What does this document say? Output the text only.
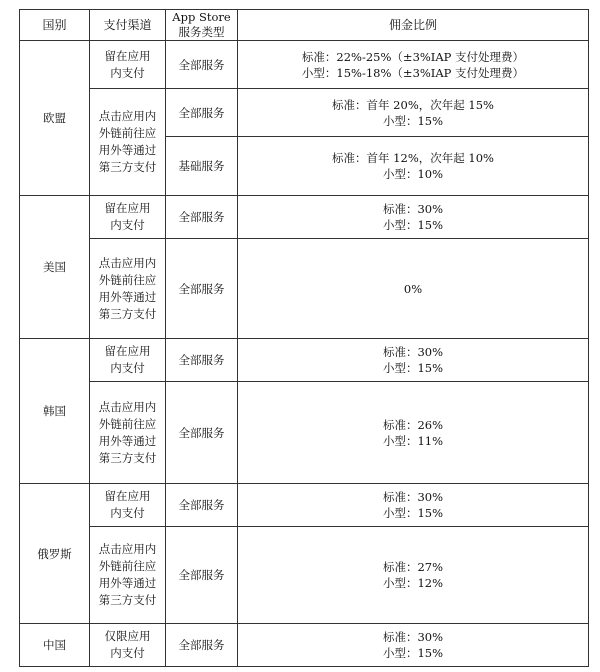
国别	支付渠道	App Store 服务类型	佣金比例
欧盟	留在应用内支付	全部服务	标准：22%-25%（±3%IAP 支付处理费）
小型：15%-18%（±3%IAP 支付处理费）

	点击应用内外链前往应用外等通过第三方支付	全部服务	标准：首年 20%，次年起 15%
小型：15%

		基础服务	标准：首年 12%，次年起 10%
小型：10%

美国	留在应用内支付	全部服务	标准：30%
小型：15%

	点击应用内外链前往应用外等通过第三方支付	全部服务	0%

韩国	留在应用内支付	全部服务	标准：30%
小型：15%

	点击应用内外链前往应用外等通过第三方支付	全部服务	标准：26%
小型：11%

俄罗斯	留在应用内支付	全部服务	标准：30%
小型：15%

	点击应用内外链前往应用外等通过第三方支付	全部服务	标准：27%
小型：12%

中国	仅限应用内支付	全部服务	标准：30%
小型：15%
